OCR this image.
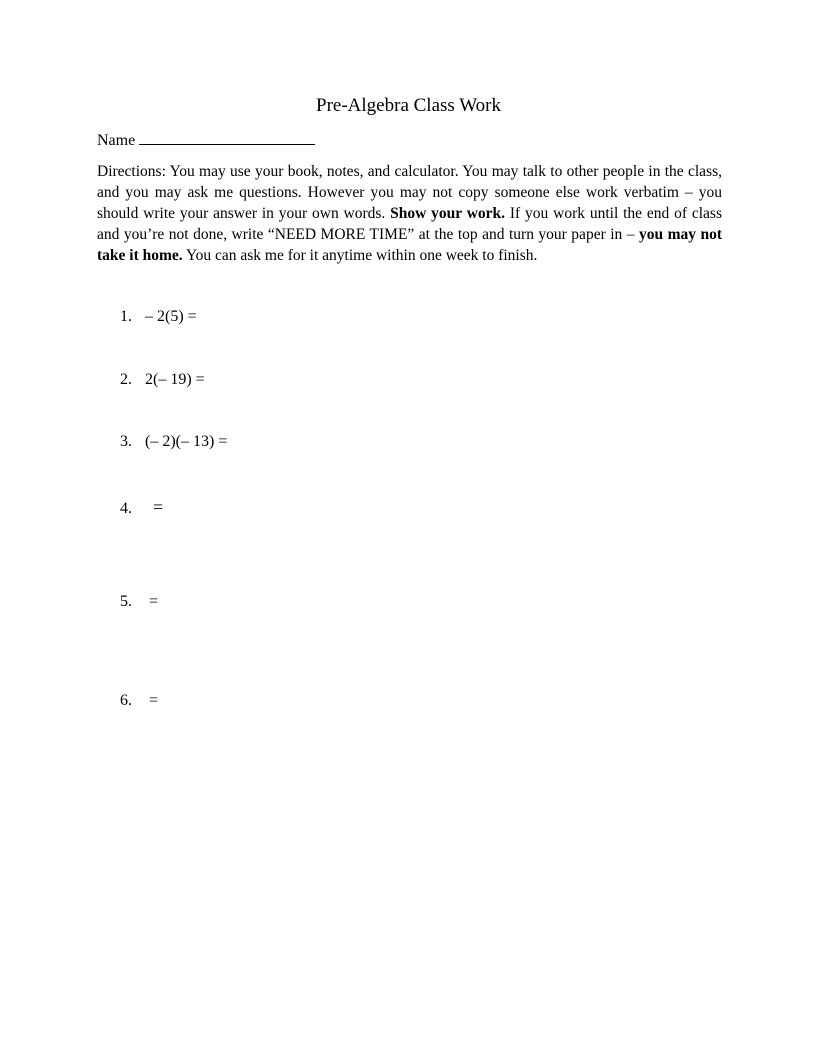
Pre-Algebra Class Work
Name
Directions: You may use your book, notes, and calculator. You may talk to other people in the class, and you may ask me questions. However you may not copy someone else work verbatim – you should write your answer in your own words. Show your work. If you work until the end of class and you’re not done, write “NEED MORE TIME” at the top and turn your paper in – you may not take it home. You can ask me for it anytime within one week to finish.
1. – 2(5) =
2. 2(– 19) =
3. (– 2)(– 13) =
4. =
5. =
6. =
